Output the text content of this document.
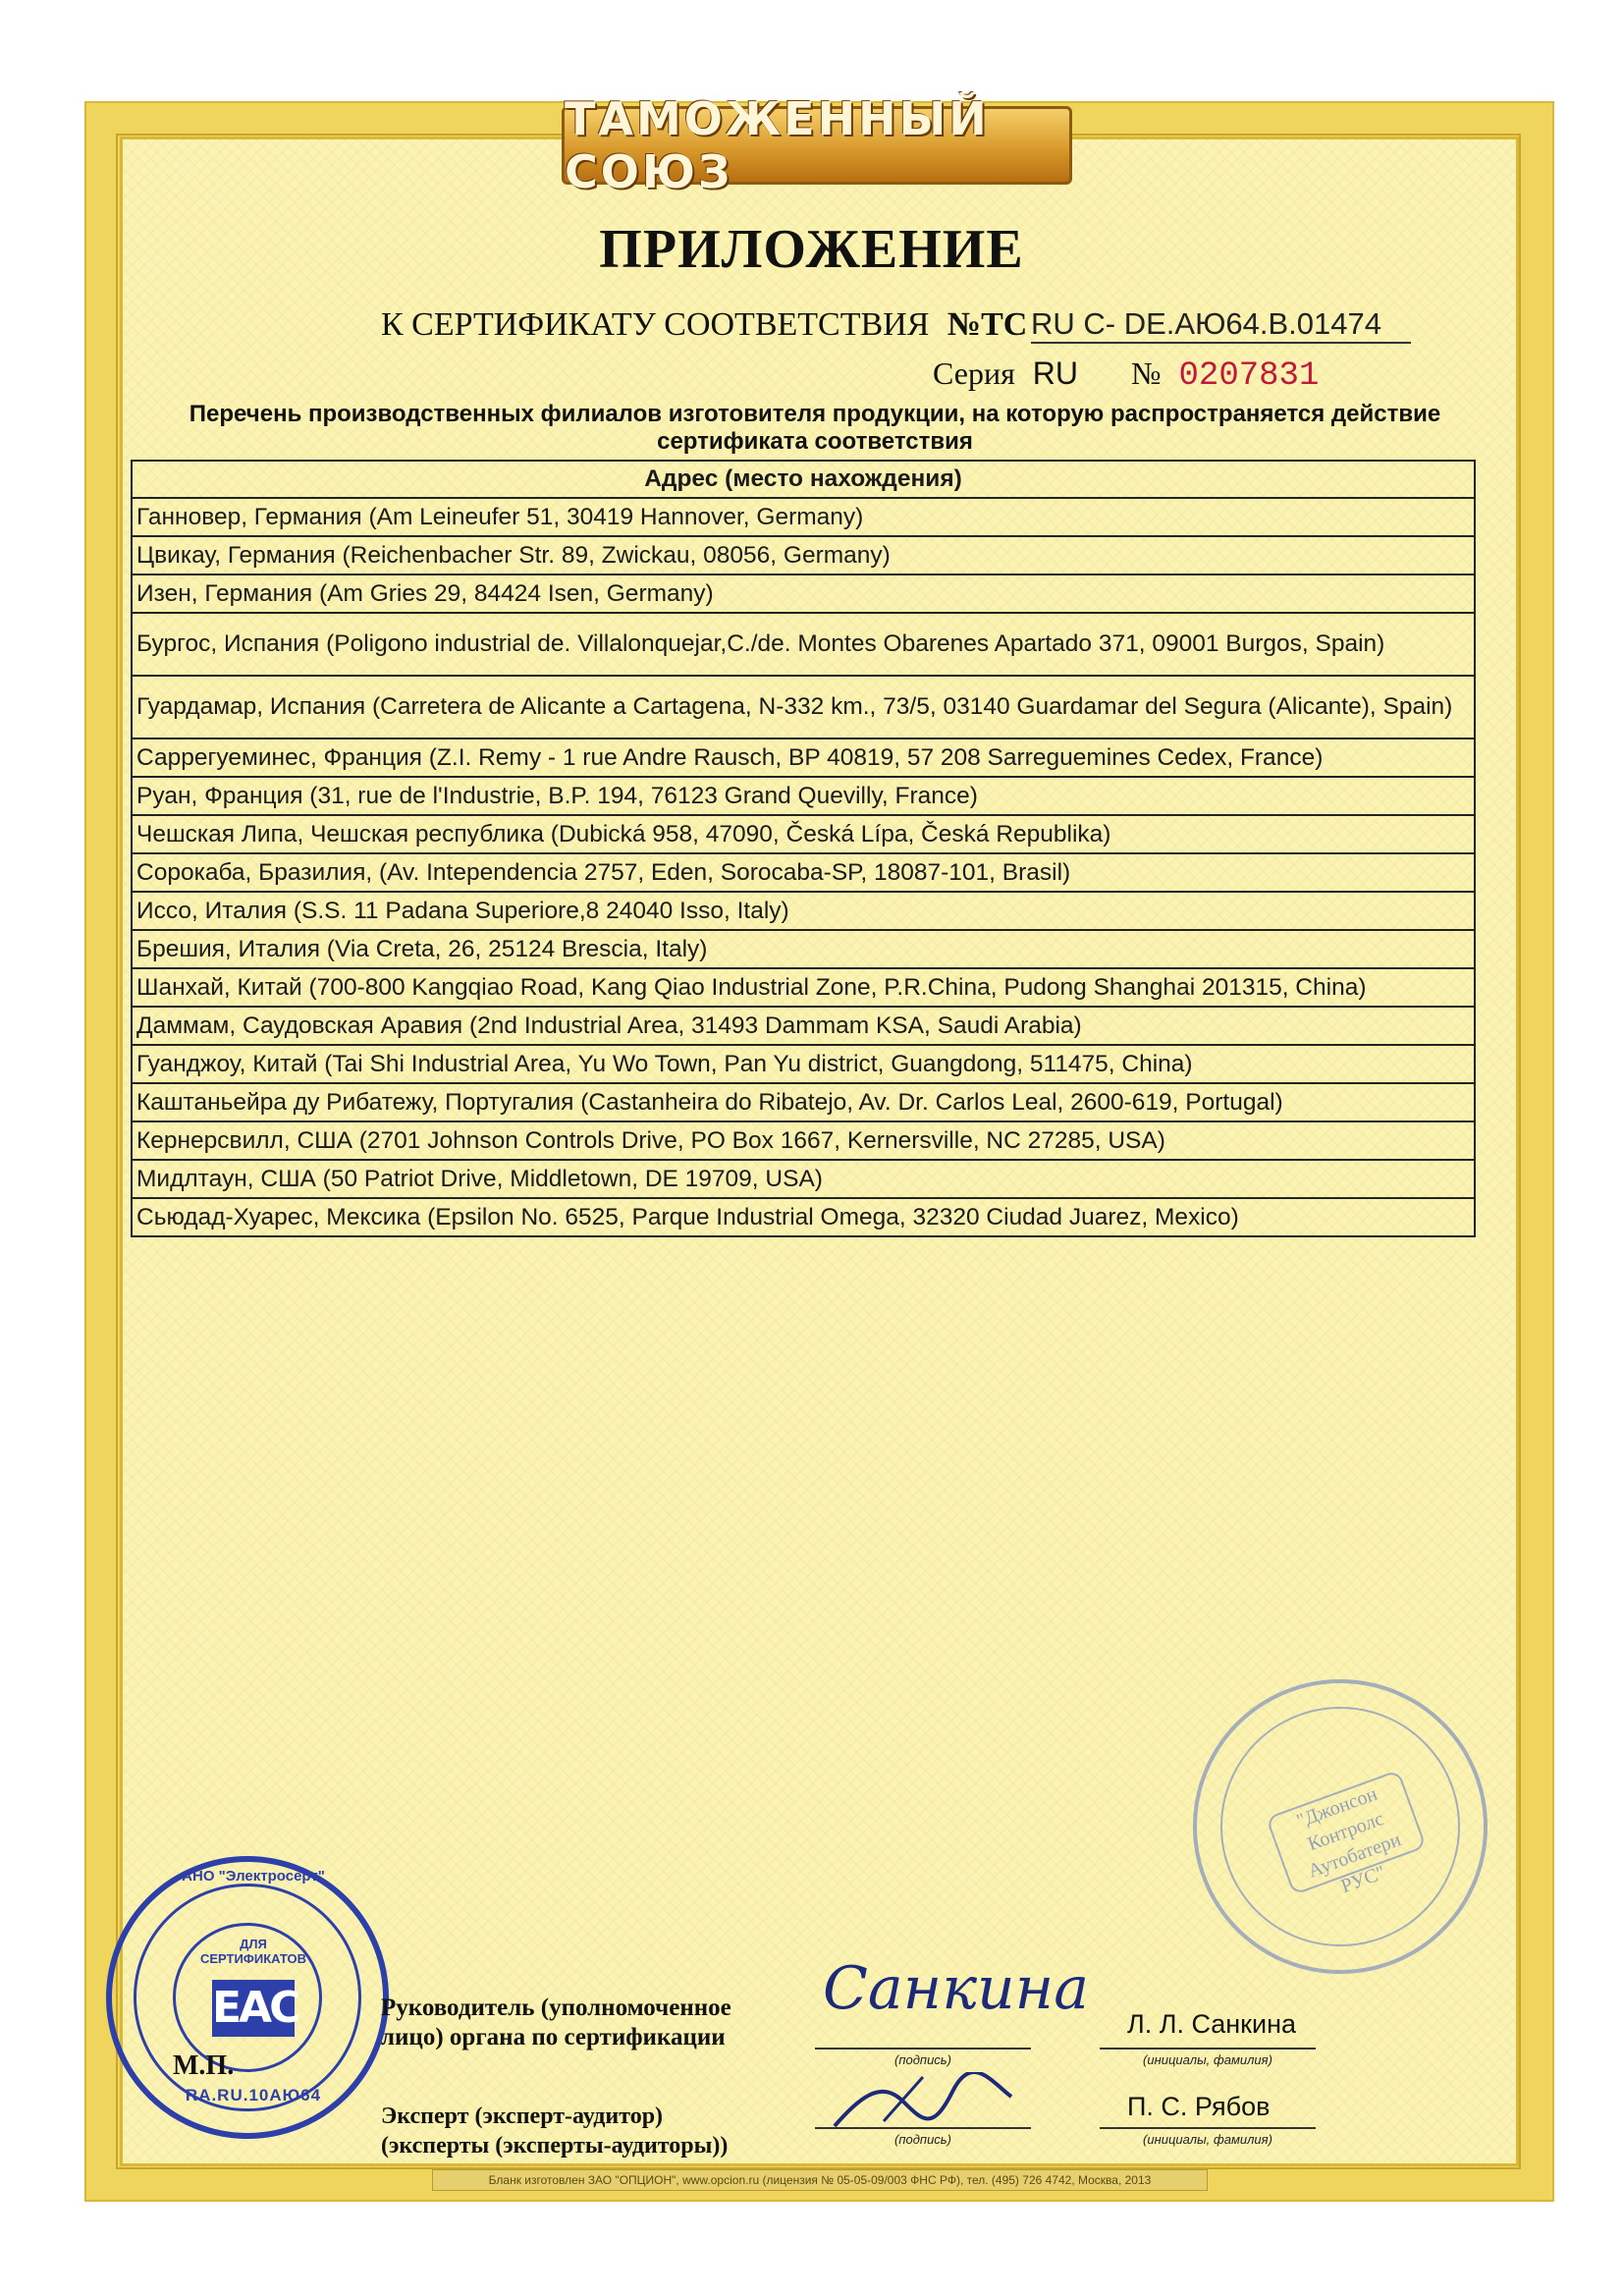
ТАМОЖЕННЫЙ СОЮЗ
ПРИЛОЖЕНИЕ
К СЕРТИФИКАТУ СООТВЕТСТВИЯ №ТС RU C- DE.АЮ64.В.01474
Серия RU № 0207831
Перечень производственных филиалов изготовителя продукции, на которую распространяется действие сертификата соответствия
Адрес (место нахождения)
Ганновер, Германия (Am Leineufer 51, 30419 Hannover, Germany)
Цвикау, Германия (Reichenbacher Str. 89, Zwickau, 08056, Germany)
Изен, Германия (Am Gries 29, 84424 Isen, Germany)
Бургос, Испания (Poligono industrial de. Villalonquejar,C./de. Montes Obarenes Apartado 371, 09001 Burgos, Spain)
Гуардамар, Испания (Carretera de Alicante a Cartagena, N-332 km., 73/5, 03140 Guardamar del Segura (Alicante), Spain)
Саррегуеминес, Франция (Z.I. Remy - 1 rue Andre Rausch, BP 40819, 57 208 Sarreguemines Cedex, France)
Руан, Франция (31, rue de l'Industrie, B.P. 194, 76123 Grand Quevilly, France)
Чешская Липа, Чешская республика (Dubická 958, 47090, Česká Lípa, Česká Republika)
Сорокаба, Бразилия, (Av. Intependencia 2757, Eden, Sorocaba-SP, 18087-101, Brasil)
Иссо, Италия (S.S. 11 Padana Superiore,8 24040 Isso, Italy)
Брешия, Италия (Via Creta, 26, 25124 Brescia, Italy)
Шанхай, Китай (700-800 Kangqiao Road, Kang Qiao Industrial Zone, P.R.China, Pudong Shanghai 201315, China)
Даммам, Саудовская Аравия (2nd Industrial Area, 31493 Dammam KSA, Saudi Arabia)
Гуанджоу, Китай (Tai Shi Industrial Area, Yu Wo Town, Pan Yu district, Guangdong, 511475, China)
Каштаньейра ду Рибатежу, Португалия (Castanheira do Ribatejo, Av. Dr. Carlos Leal, 2600-619, Portugal)
Кернерсвилл, США (2701 Johnson Controls Drive, PO Box 1667, Kernersville, NC 27285, USA)
Мидлтаун, США (50 Patriot Drive, Middletown, DE 19709, USA)
Сьюдад-Хуарес, Мексика (Epsilon No. 6525, Parque Industrial Omega, 32320 Ciudad Juarez, Mexico)
"Джонсон Контролс Аутобатери РУС"
АНО "Электросерт"
ДЛЯ СЕРТИФИКАТОВ
ЕАС
RA.RU.10АЮ64
М.П.
Руководитель (уполномоченное
лицо) органа по сертификации
Эксперт (эксперт-аудитор)
(эксперты (эксперты-аудиторы))
Санкина
(подпись)
Л. Л. Санкина
(инициалы, фамилия)
(подпись)
П. С. Рябов
(инициалы, фамилия)
Бланк изготовлен ЗАО "ОПЦИОН", www.opcion.ru (лицензия № 05-05-09/003 ФНС РФ), тел. (495) 726 4742, Москва, 2013
